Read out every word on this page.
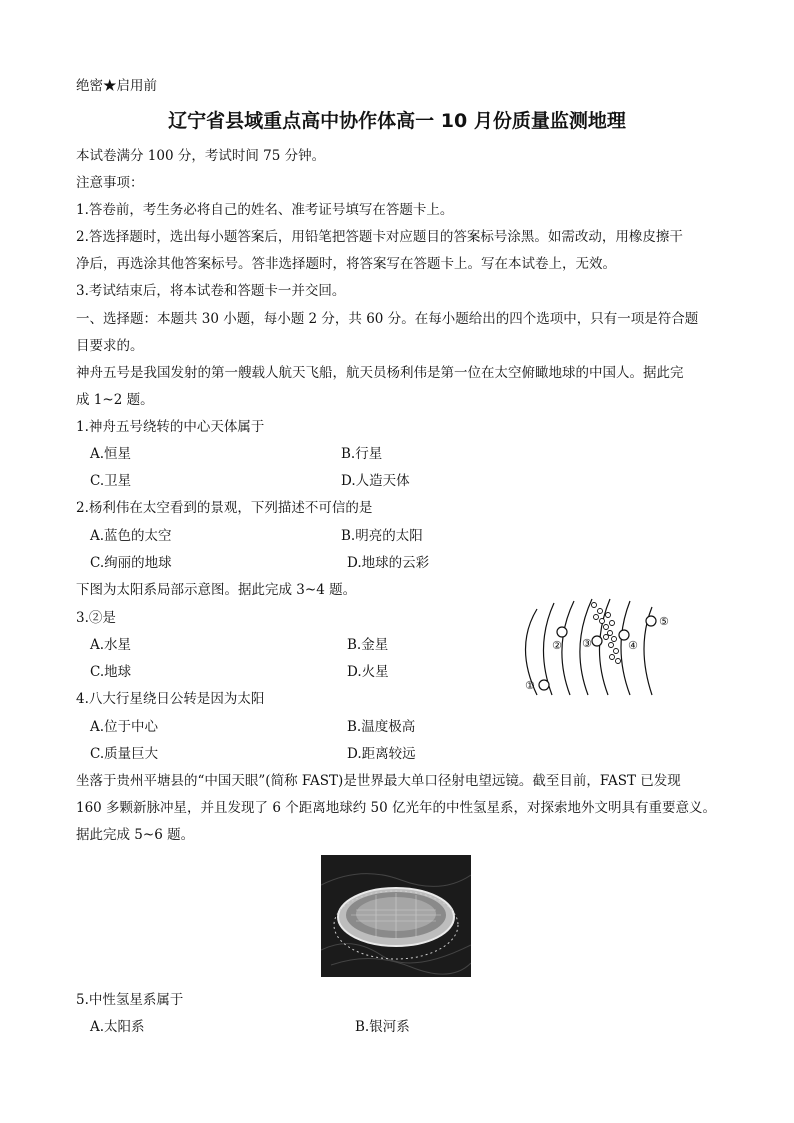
绝密★启用前
辽宁省县域重点高中协作体高一 10 月份质量监测地理
本试卷满分 100 分，考试时间 75 分钟。
注意事项：
1.答卷前，考生务必将自己的姓名、准考证号填写在答题卡上。
2.答选择题时，选出每小题答案后，用铅笔把答题卡对应题目的答案标号涂黑。如需改动，用橡皮擦干
净后，再选涂其他答案标号。答非选择题时，将答案写在答题卡上。写在本试卷上，无效。
3.考试结束后，将本试卷和答题卡一并交回。
一、选择题：本题共 30 小题，每小题 2 分，共 60 分。在每小题给出的四个选项中，只有一项是符合题
目要求的。
神舟五号是我国发射的第一艘载人航天飞船，航天员杨利伟是第一位在太空俯瞰地球的中国人。据此完
成 1~2 题。
1.神舟五号绕转的中心天体属于
A.恒星	B.行星
C.卫星	D.人造天体
2.杨利伟在太空看到的景观，下列描述不可信的是
A.蓝色的太空	B.明亮的太阳
C.绚丽的地球	D.地球的云彩
下图为太阳系局部示意图。据此完成 3~4 题。
3.②是
A.水星	B.金星
C.地球	D.火星
4.八大行星绕日公转是因为太阳
A.位于中心	B.温度极高
C.质量巨大	D.距离较远
坐落于贵州平塘县的“中国天眼”(简称 FAST)是世界最大单口径射电望远镜。截至目前，FAST 已发现
160 多颗新脉冲星，并且发现了 6 个距离地球约 50 亿光年的中性氢星系，对探索地外文明具有重要意义。
据此完成 5~6 题。
①
② ③	④
⑤
5.中性氢星系属于
A.太阳系	B.银河系
